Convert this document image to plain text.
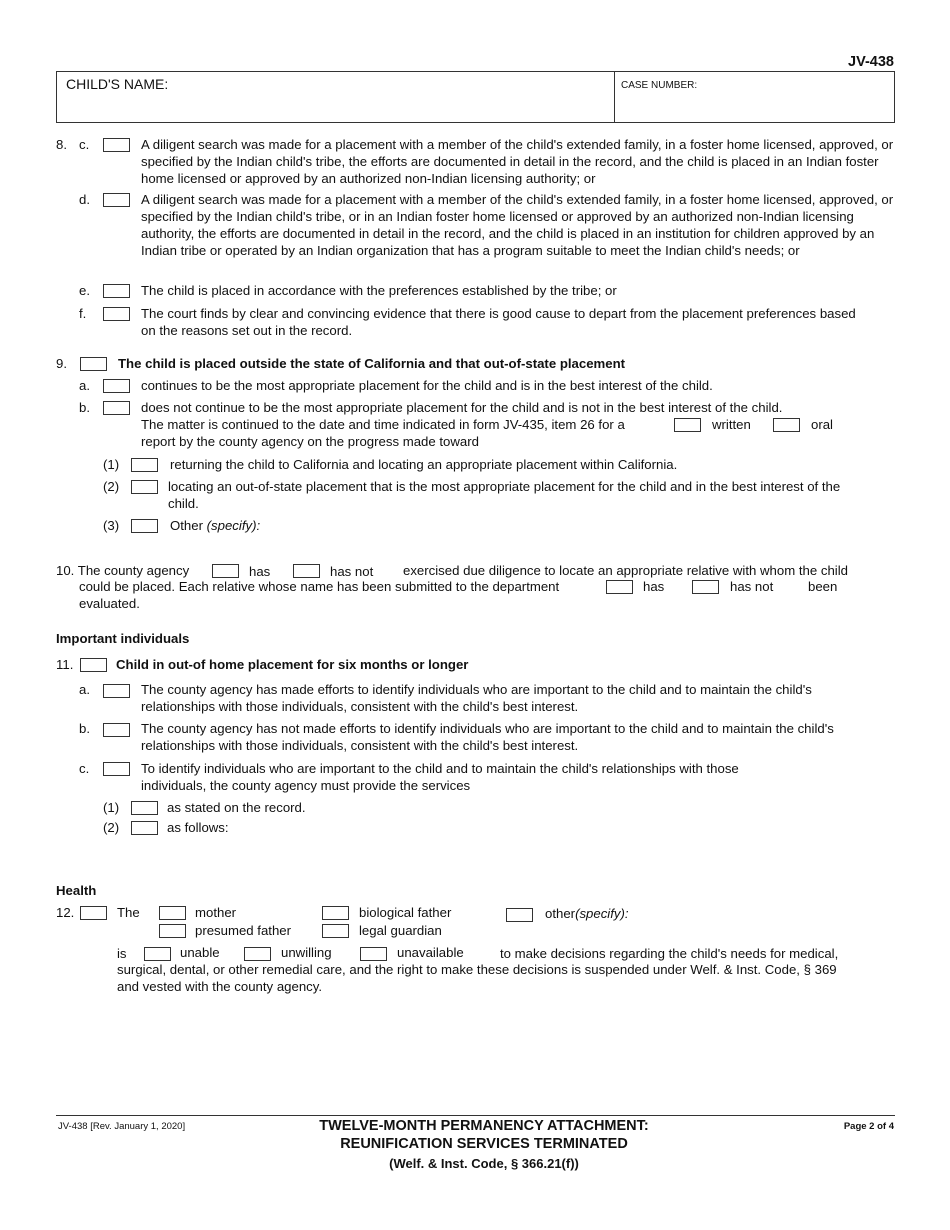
JV-438
CHILD'S NAME:	CASE NUMBER:
8. c.	A diligent search was made for a placement with a member of the child's extended family, in a foster home licensed, approved, or specified by the Indian child's tribe, the efforts are documented in detail in the record, and the child is placed in an Indian foster home licensed or approved by an authorized non-Indian licensing authority; or
d.	A diligent search was made for a placement with a member of the child's extended family, in a foster home licensed, approved, or specified by the Indian child's tribe, or in an Indian foster home licensed or approved by an authorized non-Indian licensing authority, the efforts are documented in detail in the record, and the child is placed in an institution for children approved by an Indian tribe or operated by an Indian organization that has a program suitable to meet the Indian child's needs; or
e.	The child is placed in accordance with the preferences established by the tribe; or
f.	The court finds by clear and convincing evidence that there is good cause to depart from the placement preferences based on the reasons set out in the record.
9.	The child is placed outside the state of California and that out-of-state placement
a.	continues to be the most appropriate placement for the child and is in the best interest of the child.
b.	does not continue to be the most appropriate placement for the child and is not in the best interest of the child.
The matter is continued to the date and time indicated in form JV-435, item 26 for a	written	oral
report by the county agency on the progress made toward
(1)	returning the child to California and locating an appropriate placement within California.
(2)	locating an out-of-state placement that is the most appropriate placement for the child and in the best interest of the child.
(3)	Other (specify):
10. The county agency	has	has not exercised due diligence to locate an appropriate relative with whom the child
could be placed. Each relative whose name has been submitted to the department	has	has not	been
evaluated.
Important individuals
11.	Child in out-of home placement for six months or longer
a.	The county agency has made efforts to identify individuals who are important to the child and to maintain the child's relationships with those individuals, consistent with the child's best interest.
b.	The county agency has not made efforts to identify individuals who are important to the child and to maintain the child's relationships with those individuals, consistent with the child's best interest.
c.	To identify individuals who are important to the child and to maintain the child's relationships with those individuals, the county agency must provide the services
(1)	as stated on the record.
(2)	as follows:
Health
12.	The	mother	biological father	other(specify):
presumed father	legal guardian
is	unable	unwilling	unavailable	to make decisions regarding the child's needs for medical,
surgical, dental, or other remedial care, and the right to make these decisions is suspended under Welf. & Inst. Code, § 369
and vested with the county agency.
JV-438 [Rev. January 1, 2020]	TWELVE-MONTH PERMANENCY ATTACHMENT:
REUNIFICATION SERVICES TERMINATED
(Welf. & Inst. Code, § 366.21(f))
Page 2 of 4
